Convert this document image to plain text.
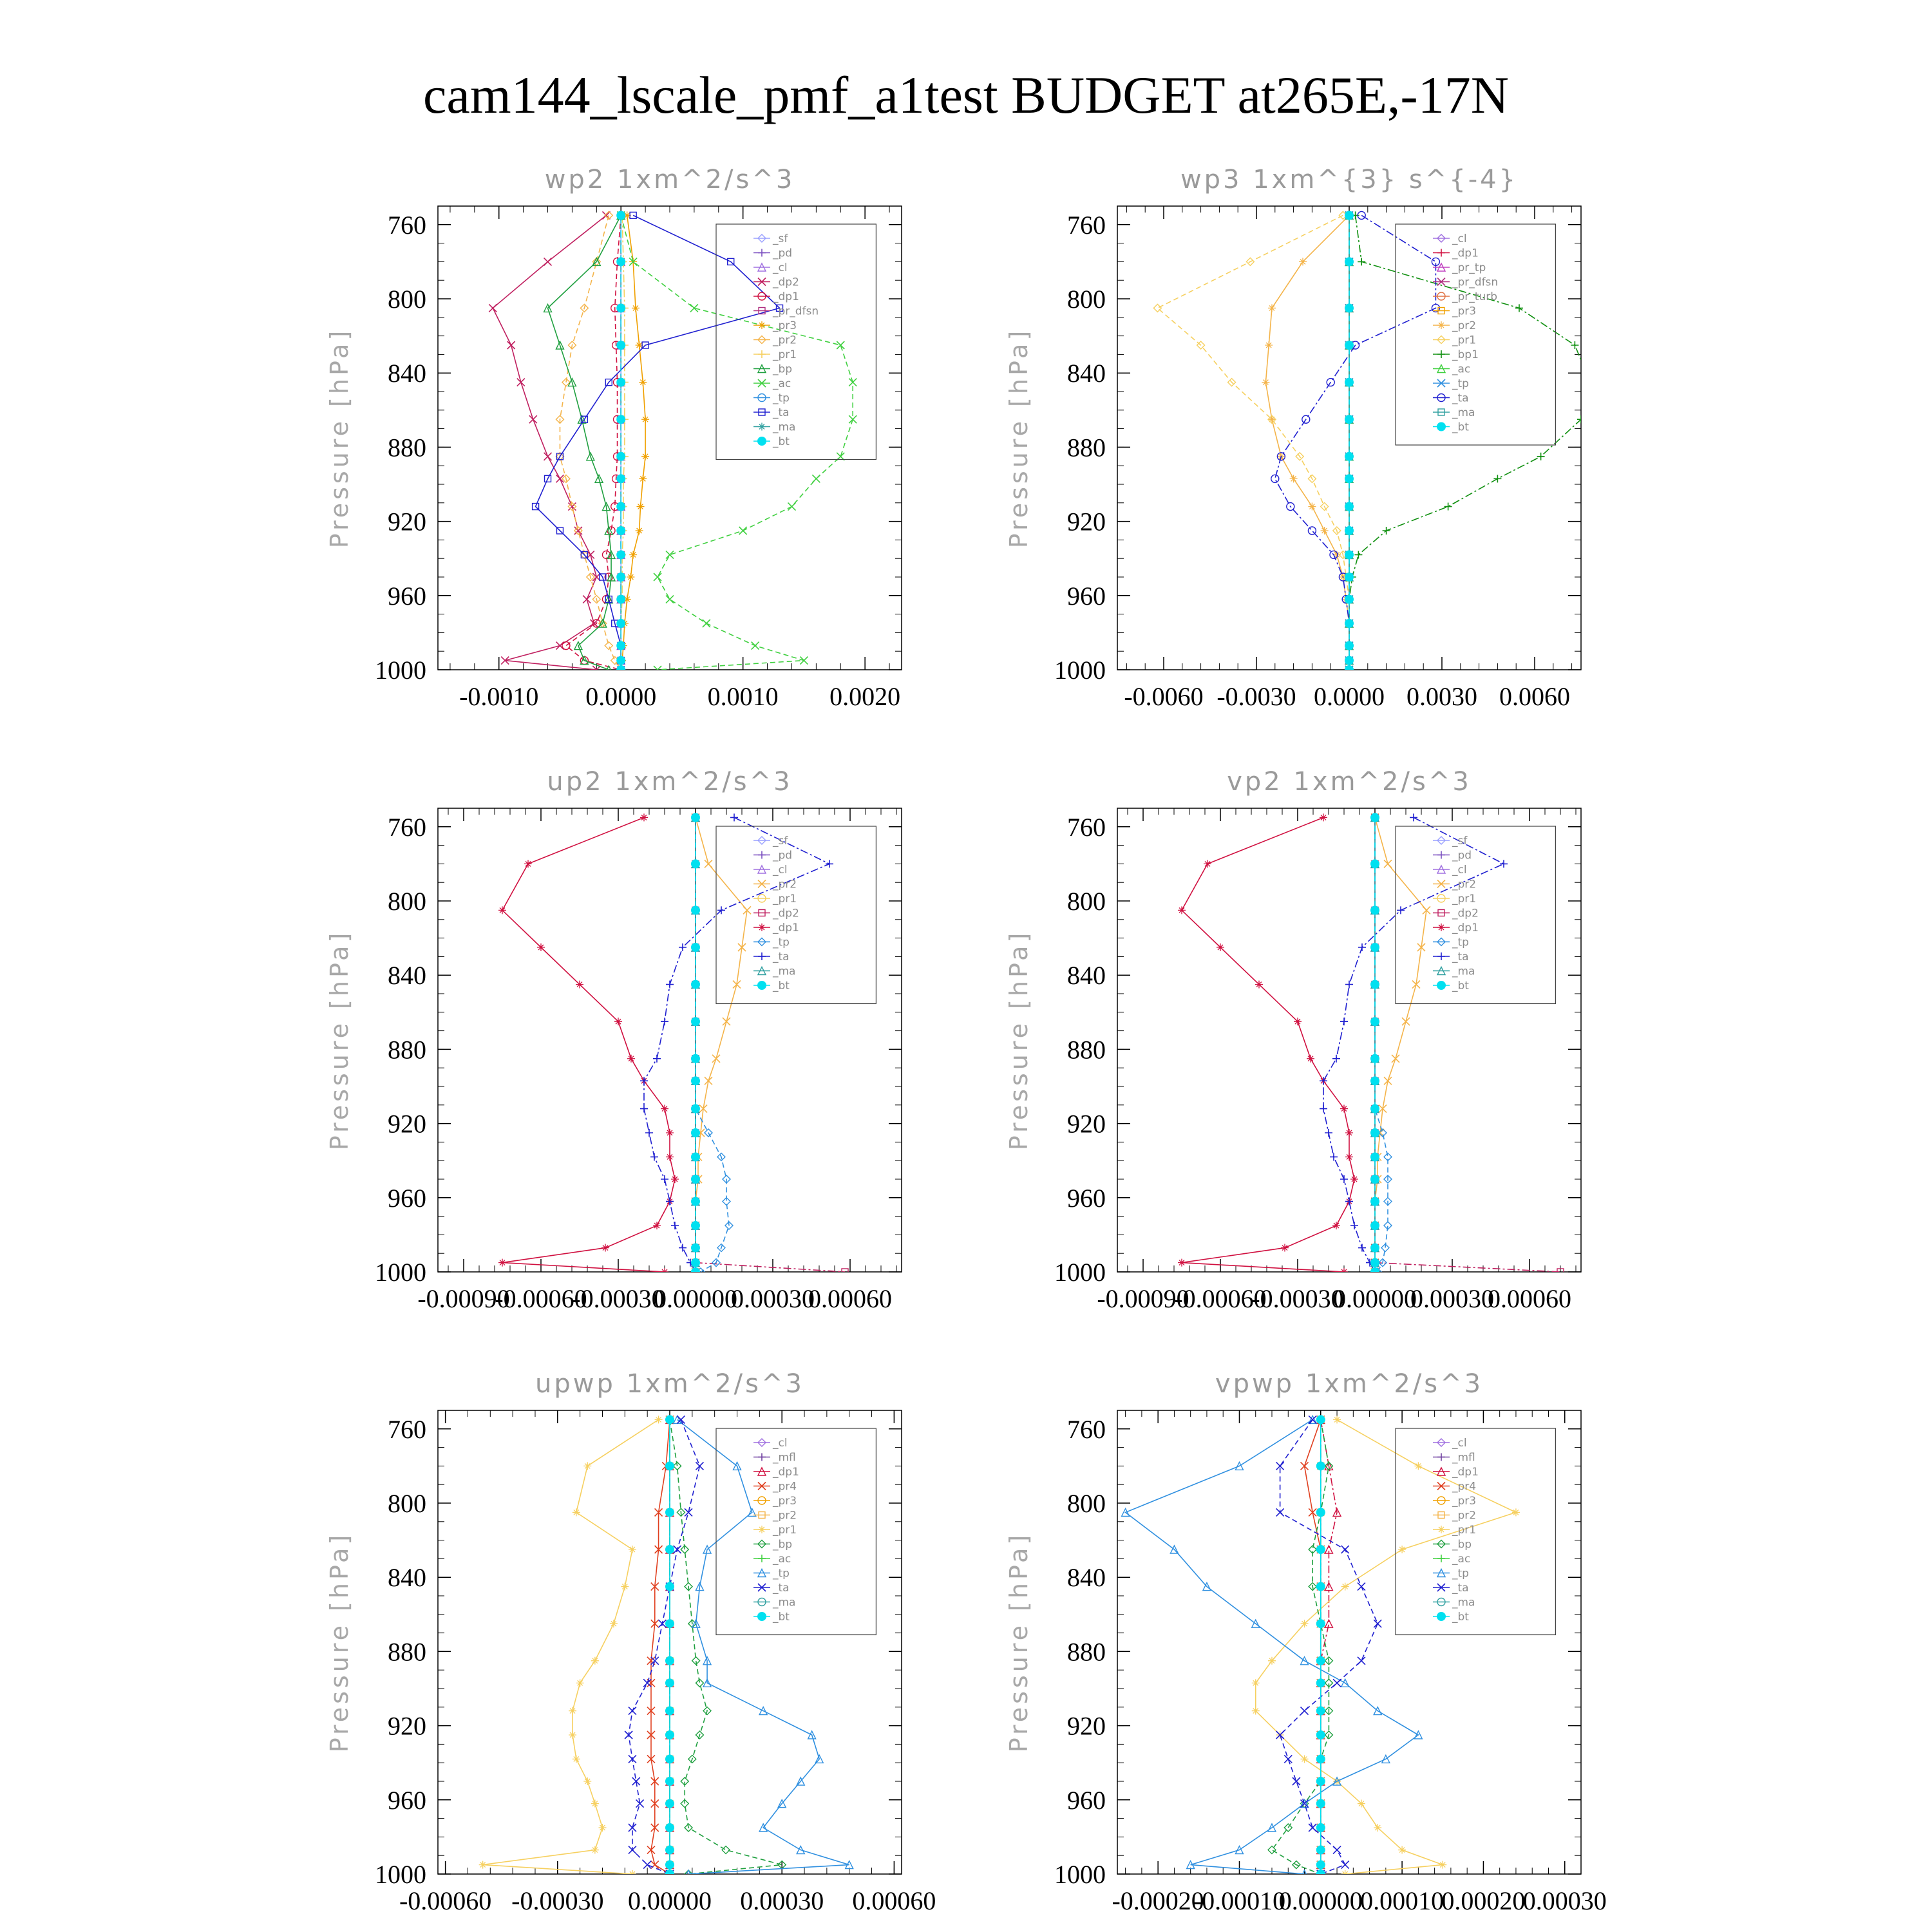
cam144_lscale_pmf_a1test BUDGET at265E,-17N
wp2 1xm^2/s^3
Pressure [hPa]
760
800
840
880
920
960
1000
-0.0010 0.0000 0.0010 0.0020
_sf
_pd
_cl
_dp2
_dp1
_pr_dfsn
_pr3
_pr2
_pr1
_bp
_ac
_tp
_ta
_ma
_bt
wp3 1xm^{3} s^{-4}
Pressure [hPa]
760
800
840
880
920
960
1000
-0.0060 -0.0030 0.0000 0.0030 0.0060
_cl
_dp1
_pr_tp
_pr_dfsn
_pr_turb
_pr3
_pr2
_pr1
_bp1
_ac
_tp
_ta
_ma
_bt
up2 1xm^2/s^3
Pressure [hPa]
760
800
840
880
920
960
1000
-0.00090
-0.00060
-0.00030
0.00000
0.00030
0.00060
_sf
_pd
_cl
_pr2
_pr1
_dp2
_dp1
_tp
_ta
_ma
_bt
vp2 1xm^2/s^3
Pressure [hPa]
760
800
840
880
920
960
1000
-0.00090
-0.00060
-0.00030
0.00000
0.00030
0.00060
_sf
_pd
_cl
_pr2
_pr1
_dp2
_dp1
_tp
_ta
_ma
_bt
upwp 1xm^2/s^3
Pressure [hPa]
760
800
840
880
920
960
1000
-0.00060 -0.00030 0.00000 0.00030 0.00060
_cl
_mfl
_dp1
_pr4
_pr3
_pr2
_pr1
_bp
_ac
_tp
_ta
_ma
_bt
vpwp 1xm^2/s^3
Pressure [hPa]
760
800
840
880
920
960
1000
-0.00020
-0.00010
0.00000
0.00010
0.00020
0.00030
_cl
_mfl
_dp1
_pr4
_pr3
_pr2
_pr1
_bp
_ac
_tp
_ta
_ma
_bt
